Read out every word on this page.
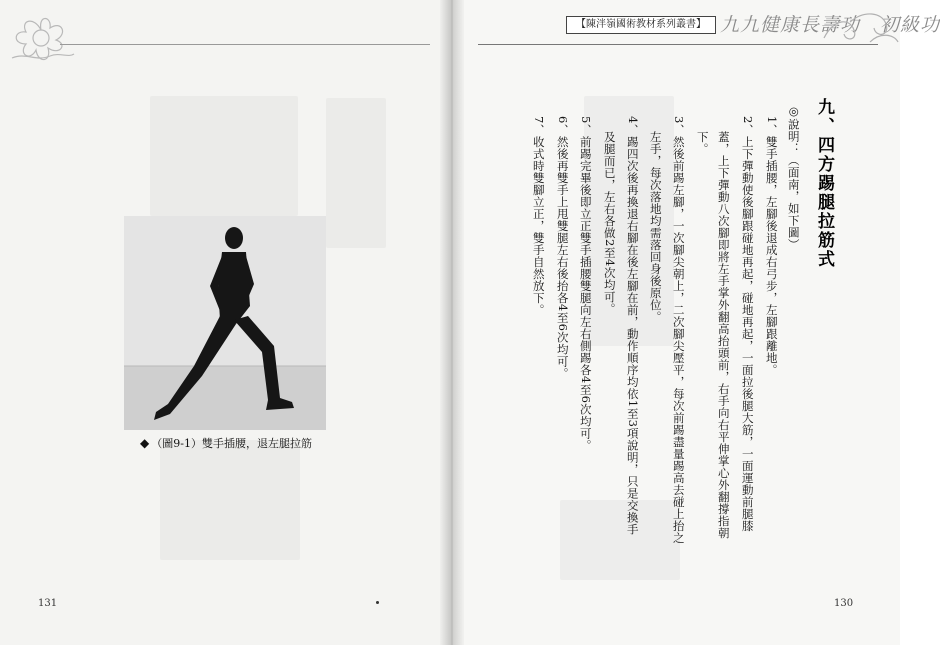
【陳泮嶺國術教材系列叢書】 九九健康長壽功　初級功
◆ （圖9-1）雙手插腰，退左腿拉筋
九、四方踢腿拉筋式
◎說明：（面南，如下圖）
1、雙手插腰，左腳後退成右弓步，左腳跟離地。
2、上下彈動使後腳跟碰地再起，碰地再起，一面拉後腿大筋，一面運動前腿膝
蓋，上下彈動八次腳即將左手掌外翻高抬頭前，右手向右平伸掌心外翻撐指朝
下。
3、然後前踢左腳，一次腳尖朝上，二次腳尖壓平，每次前踢盡量踢高去碰上抬之
左手，每次落地均需落回身後原位。
4、踢四次後再換退右腳在後左腳在前，動作順序均依1至3項說明，只是交換手
及腿而已，左右各做2至4次均可。
5、前踢完畢後即立正雙手插腰雙腿向左右側踢各4至6次均可。
6、然後再雙手上甩雙腿左右後抬各4至6次均可。
7、收式時雙腳立正，雙手自然放下。
131	130
